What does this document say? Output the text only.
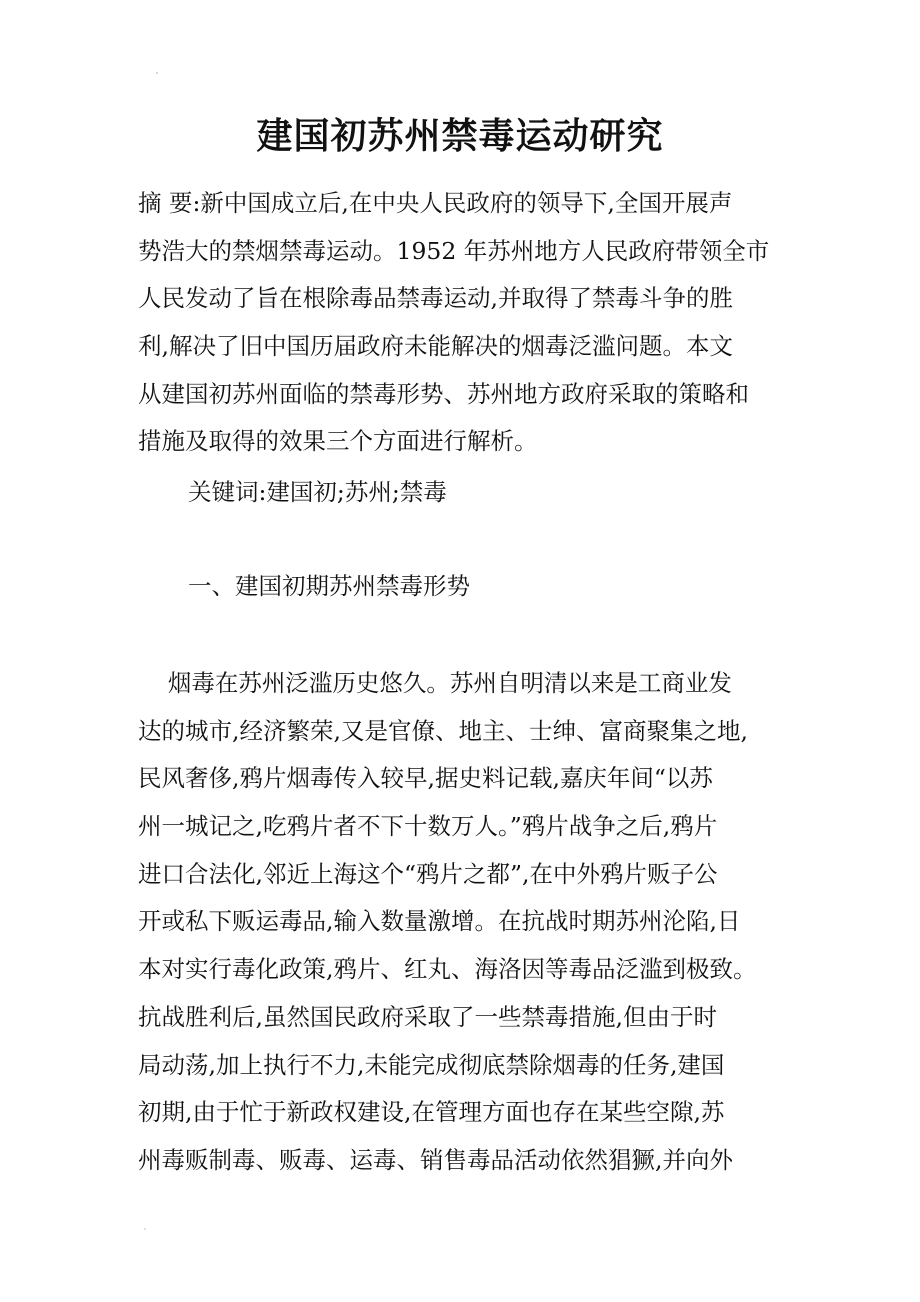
建国初苏州禁毒运动研究
摘 要:新中国成立后,在中央人民政府的领导下,全国开展声
势浩大的禁烟禁毒运动。1952 年苏州地方人民政府带领全市
人民发动了旨在根除毒品禁毒运动,并取得了禁毒斗争的胜
利,解决了旧中国历届政府未能解决的烟毒泛滥问题。本文
从建国初苏州面临的禁毒形势、苏州地方政府采取的策略和
措施及取得的效果三个方面进行解析。
关键词:建国初;苏州;禁毒
一、建国初期苏州禁毒形势
烟毒在苏州泛滥历史悠久。苏州自明清以来是工商业发
达的城市,经济繁荣,又是官僚、地主、士绅、富商聚集之地,
民风奢侈,鸦片烟毒传入较早,据史料记载,嘉庆年间“以苏
州一城记之,吃鸦片者不下十数万人。”鸦片战争之后,鸦片
进口合法化,邻近上海这个“鸦片之都”,在中外鸦片贩子公
开或私下贩运毒品,输入数量激增。在抗战时期苏州沦陷,日
本对实行毒化政策,鸦片、红丸、海洛因等毒品泛滥到极致。
抗战胜利后,虽然国民政府采取了一些禁毒措施,但由于时
局动荡,加上执行不力,未能完成彻底禁除烟毒的任务,建国
初期,由于忙于新政权建设,在管理方面也存在某些空隙,苏
州毒贩制毒、贩毒、运毒、销售毒品活动依然猖獗,并向外
